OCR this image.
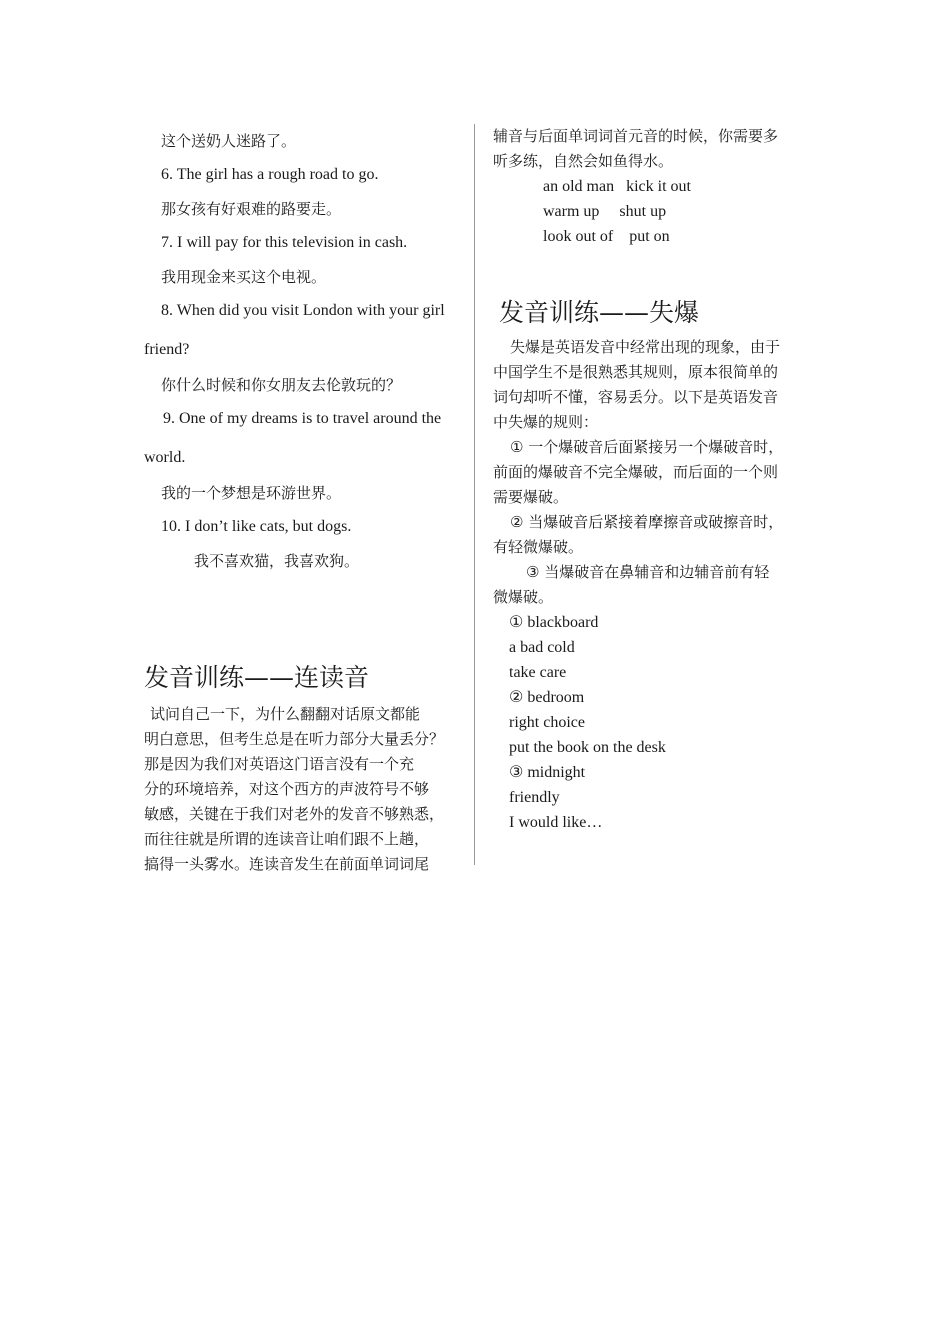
这个送奶人迷路了。
6. The girl has a rough road to go.
那女孩有好艰难的路要走。
7. I will pay for this television in cash.
我用现金来买这个电视。
8. When did you visit London with your girl
friend?
你什么时候和你女朋友去伦敦玩的？
9. One of my dreams is to travel around the
world.
我的一个梦想是环游世界。
10. I don’t like cats, but dogs.
我不喜欢猫，我喜欢狗。
发音训练——连读音
试问自己一下，为什么翻翻对话原文都能
明白意思，但考生总是在听力部分大量丢分？
那是因为我们对英语这门语言没有一个充
分的环境培养，对这个西方的声波符号不够
敏感，关键在于我们对老外的发音不够熟悉，
而往往就是所谓的连读音让咱们跟不上趟，
搞得一头雾水。连读音发生在前面单词词尾
辅音与后面单词词首元音的时候，你需要多
听多练，自然会如鱼得水。
an old man   kick it out
warm up     shut up
look out of    put on
发音训练——失爆
失爆是英语发音中经常出现的现象，由于
中国学生不是很熟悉其规则，原本很简单的
词句却听不懂，容易丢分。以下是英语发音
中失爆的规则：
① 一个爆破音后面紧接另一个爆破音时，
前面的爆破音不完全爆破，而后面的一个则
需要爆破。
② 当爆破音后紧接着摩擦音或破擦音时，
有轻微爆破。
③ 当爆破音在鼻辅音和边辅音前有轻
微爆破。
① blackboard
a bad cold
take care
② bedroom
right choice
put the book on the desk
③ midnight
friendly
I would like…
